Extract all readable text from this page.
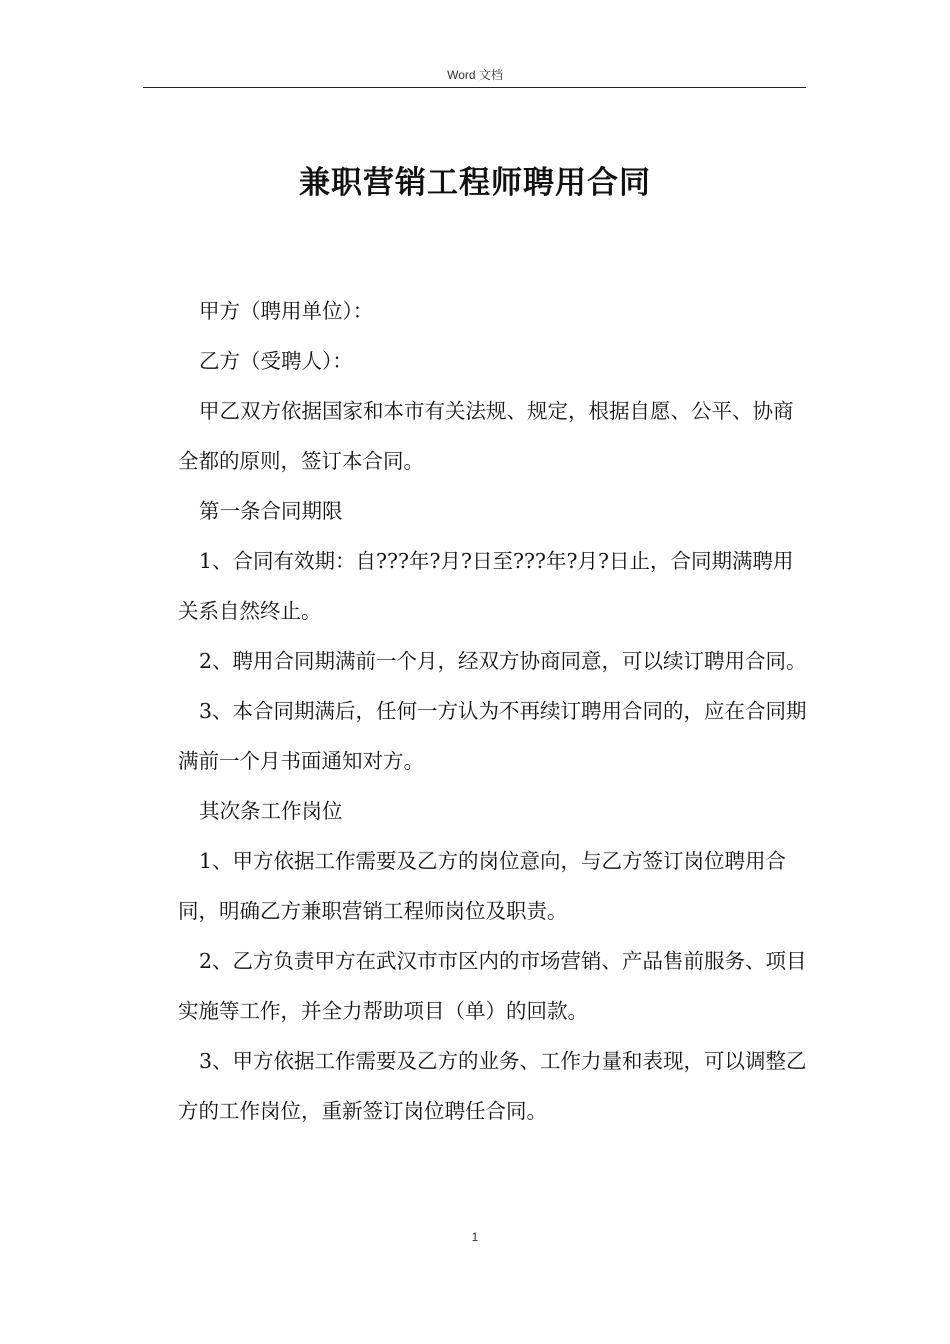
Word 文档
兼职营销工程师聘用合同

甲方（聘用单位）：

乙方（受聘人）：

甲乙双方依据国家和本市有关法规、规定，根据自愿、公平、协商全都的原则，签订本合同。

第一条合同期限

1、合同有效期：自???年?月?日至???年?月?日止，合同期满聘用关系自然终止。

2、聘用合同期满前一个月，经双方协商同意，可以续订聘用合同。

3、本合同期满后，任何一方认为不再续订聘用合同的，应在合同期满前一个月书面通知对方。

其次条工作岗位

1、甲方依据工作需要及乙方的岗位意向，与乙方签订岗位聘用合同，明确乙方兼职营销工程师岗位及职责。

2、乙方负责甲方在武汉市市区内的市场营销、产品售前服务、项目实施等工作，并全力帮助项目（单）的回款。

3、甲方依据工作需要及乙方的业务、工作力量和表现，可以调整乙方的工作岗位，重新签订岗位聘任合同。

1
